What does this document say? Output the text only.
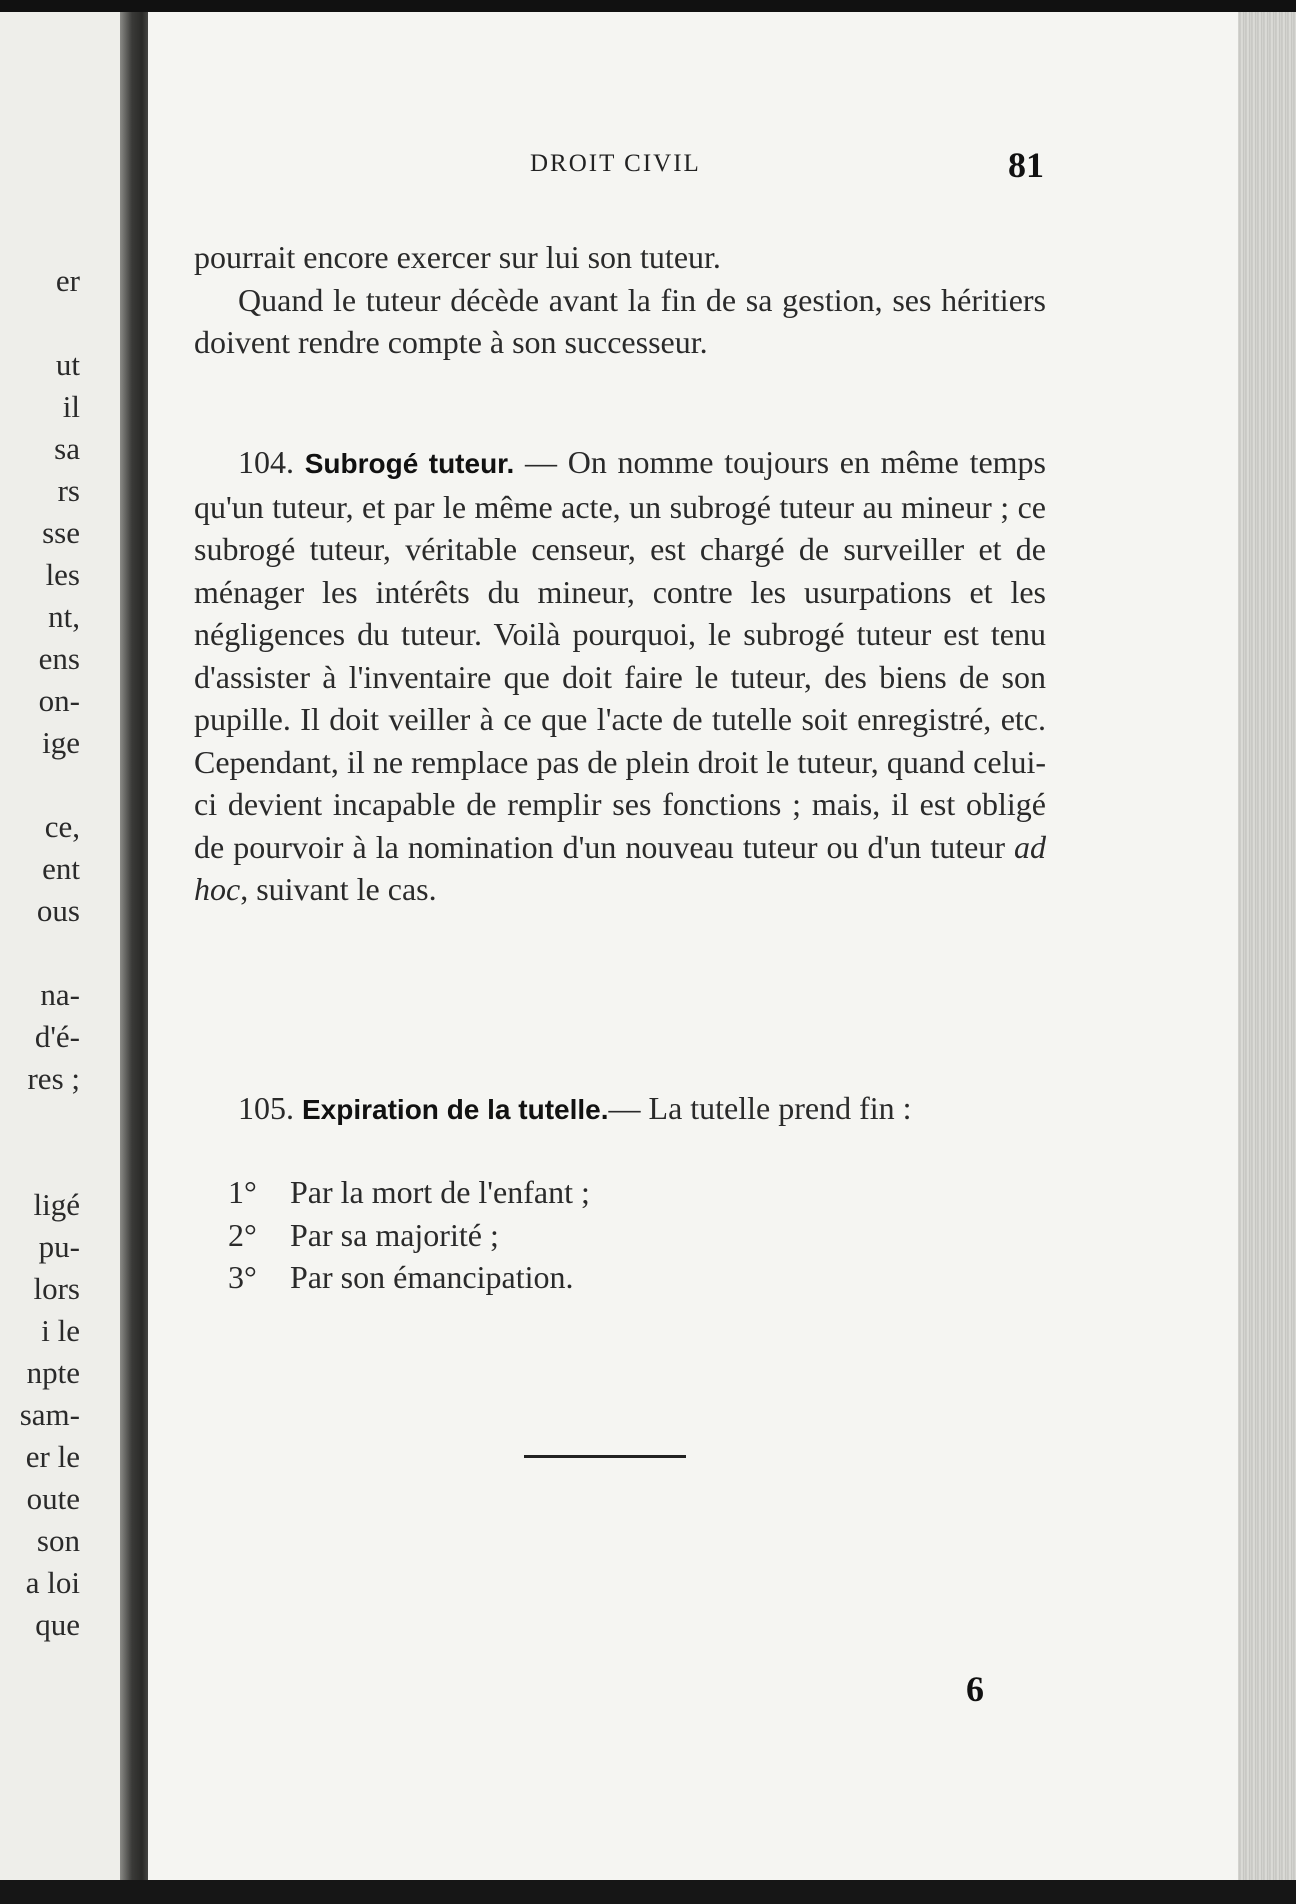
er
ut
il
sa
rs
sse
les
nt,
ens
on-
ige
ce,
ent
ous
na-
d'é-
res ;
ligé
pu-
lors
i le
npte
sam-
er le
oute
son
a loi
que
DROIT CIVIL	81

pourrait encore exercer sur lui son tuteur.

Quand le tuteur décède avant la fin de sa gestion, ses héritiers doivent rendre compte à son successeur.

104. Subrogé tuteur. — On nomme toujours en même temps qu'un tuteur, et par le même acte, un subrogé tuteur au mineur ; ce subrogé tuteur, véritable censeur, est chargé de surveiller et de ménager les intérêts du mineur, contre les usurpations et les négligences du tuteur. Voilà pourquoi, le subrogé tuteur est tenu d'assister à l'inventaire que doit faire le tuteur, des biens de son pupille. Il doit veiller à ce que l'acte de tutelle soit enregistré, etc. Cependant, il ne remplace pas de plein droit le tuteur, quand celui-ci devient incapable de remplir ses fonctions ; mais, il est obligé de pourvoir à la nomination d'un nouveau tuteur ou d'un tuteur ad hoc, suivant le cas.

105. Expiration de la tutelle.— La tutelle prend fin :

1° Par la mort de l'enfant ;
2° Par sa majorité ;
3° Par son émancipation.
6
